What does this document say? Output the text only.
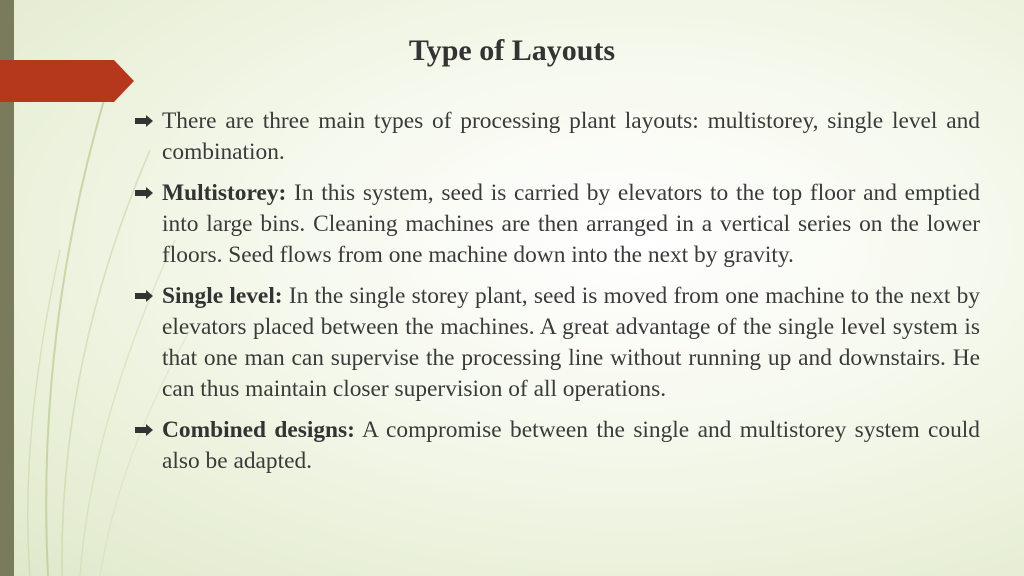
Type of Layouts
There are three main types of processing plant layouts: multistorey, single level and combination.
Multistorey: In this system, seed is carried by elevators to the top floor and emptied into large bins. Cleaning machines are then arranged in a vertical series on the lower floors. Seed flows from one machine down into the next by gravity.
Single level: In the single storey plant, seed is moved from one machine to the next by elevators placed between the machines. A great advantage of the single level system is that one man can supervise the processing line without running up and downstairs. He can thus maintain closer supervision of all operations.
Combined designs: A compromise between the single and multistorey system could also be adapted.
